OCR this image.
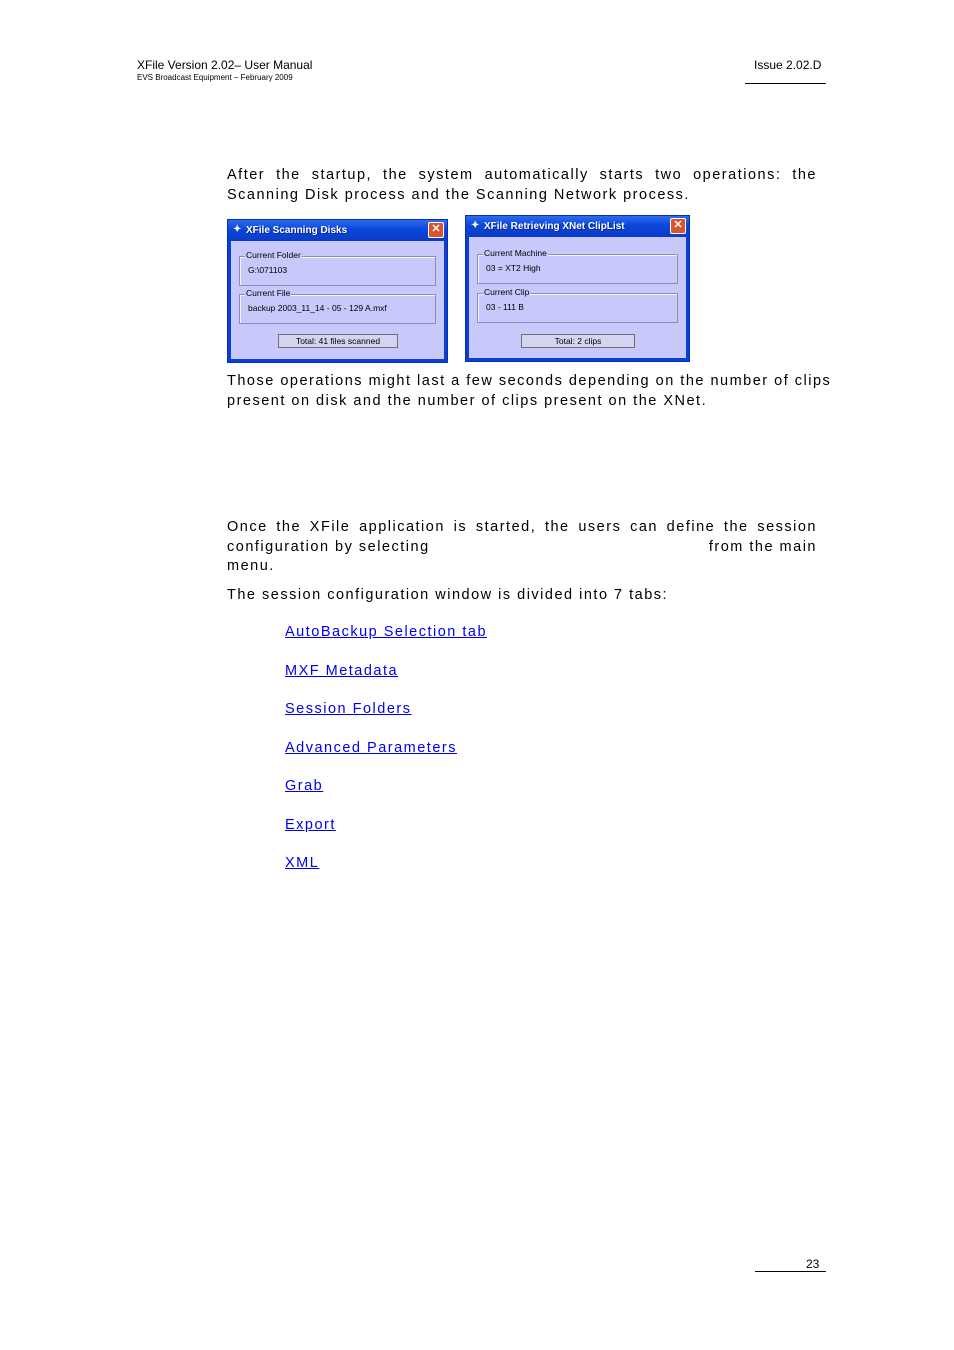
XFile Version 2.02– User Manual
EVS Broadcast Equipment – February 2009
Issue 2.02.D
After the startup, the system automatically starts two operations: the
Scanning Disk process and the Scanning Network process.
✦ XFile Scanning Disks	✕
Current Folder
G:\071103
Current File
backup 2003_11_14 - 05 - 129 A.mxf
Total: 41 files scanned
✦ XFile Retrieving XNet ClipList	✕
Current Machine
03 = XT2 High
Current Clip
03 - 111 B
Total: 2 clips
Those operations might last a few seconds depending on the number of clips
present on disk and the number of clips present on the XNet.
Once the XFile application is started, the users can define the session
configuration by selecting	from the main
menu.
The session configuration window is divided into 7 tabs:
AutoBackup Selection tab
MXF Metadata
Session Folders
Advanced Parameters
Grab
Export
XML
23
